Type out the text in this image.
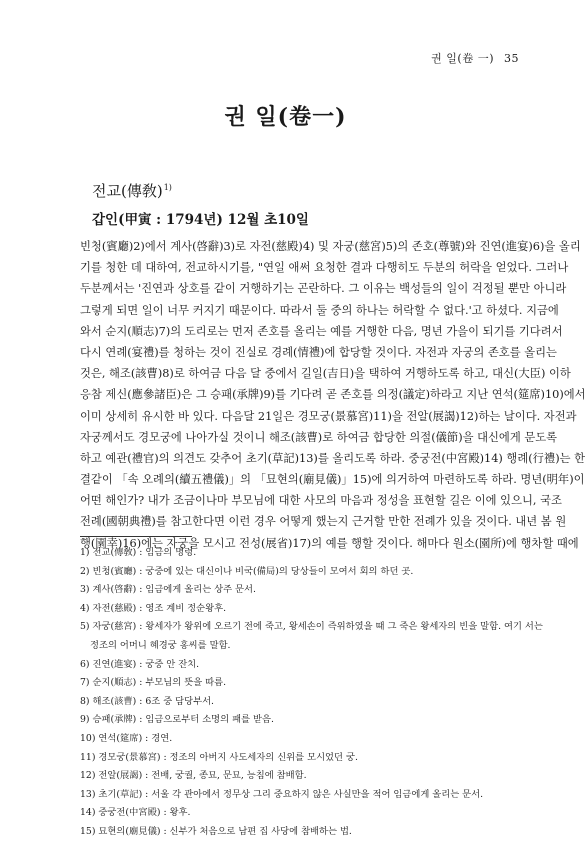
권 일(卷 一) 35
권 일(卷一)
전교(傳敎)$^{1)}$
갑인(甲寅 : 1794년) 12월 초10일
빈청(賓廳)2)에서 계사(啓辭)3)로 자전(慈殿)4) 및 자궁(慈宮)5)의 존호(尊號)와 진연(進宴)6)을 올리
기를 청한 데 대하여, 전교하시기를, "연일 애써 요청한 결과 다행히도 두분의 허락을 얻었다. 그러나
두분께서는 '진연과 상호를 같이 거행하기는 곤란하다. 그 이유는 백성들의 일이 걱정될 뿐만 아니라
그렇게 되면 일이 너무 커지기 때문이다. 따라서 둘 중의 하나는 허락할 수 없다.'고 하셨다. 지금에
와서 순지(順志)7)의 도리로는 먼저 존호를 올리는 예를 거행한 다음, 명년 가을이 되기를 기다려서
다시 연례(宴禮)를 청하는 것이 진실로 경례(情禮)에 합당할 것이다. 자전과 자궁의 존호를 올리는
것은, 해조(該曹)8)로 하여금 다음 달 중에서 길일(吉日)을 택하여 거행하도록 하고, 대신(大臣) 이하
응참 제신(應參諸臣)은 그 승패(承牌)9)를 기다려 곧 존호를 의정(議定)하라고 지난 연석(筵席)10)에서
이미 상세히 유시한 바 있다. 다음달 21일은 경모궁(景慕宮)11)을 전알(展謁)12)하는 날이다. 자전과
자궁께서도 경모궁에 나아가실 것이니 해조(該曹)로 하여금 합당한 의절(儀節)을 대신에게 문도록
하고 예관(禮官)의 의견도 갖추어 초기(草記)13)를 올리도록 하라. 중궁전(中宮殿)14) 행례(行禮)는 한
결같이 「속 오례의(續五禮儀)」의 「묘현의(廟見儀)」15)에 의거하여 마련하도록 하라. 명년(明年)이
어떤 해인가? 내가 조금이나마 부모님에 대한 사모의 마음과 정성을 표현할 길은 이에 있으니, 국조
전례(國朝典禮)를 참고한다면 이런 경우 어떻게 했는지 근거할 만한 전례가 있을 것이다. 내년 봄 원
행(園幸)16)에는 자궁을 모시고 전성(展省)17)의 예를 행할 것이다. 해마다 원소(園所)에 행차할 때에
1) 전교(傳敎) : 임금의 명령.
2) 빈청(賓廳) : 궁중에 있는 대신이나 비국(備局)의 당상들이 모여서 회의 하던 곳.
3) 계사(啓辭) : 임금에게 올리는 상주 문서.
4) 자전(慈殿) : 영조 계비 정순왕후.
5) 자궁(慈宮) : 왕세자가 왕위에 오르기 전에 죽고, 왕세손이 즉위하였을 때 그 죽은 왕세자의 빈을 말함. 여기 서는
정조의 어머니 혜경궁 홍씨를 말함.
6) 진연(進宴) : 궁중 안 잔치.
7) 순지(順志) : 부모님의 뜻을 따름.
8) 해조(該曹) : 6조 중 담당부서.
9) 승패(承牌) : 임금으로부터 소명의 패를 받음.
10) 연석(筵席) : 경연.
11) 경모궁(景慕宮) : 정조의 아버지 사도세자의 신위를 모시었던 궁.
12) 전알(展謁) : 전배, 궁궐, 종묘, 문묘, 능침에 참배함.
13) 초기(草記) : 서울 각 관아에서 정무상 그리 중요하지 않은 사실만을 적어 임금에게 올리는 문서.
14) 중궁전(中宮殿) : 왕후.
15) 묘현의(廟見儀) : 신부가 처음으로 남편 집 사당에 참배하는 법.
